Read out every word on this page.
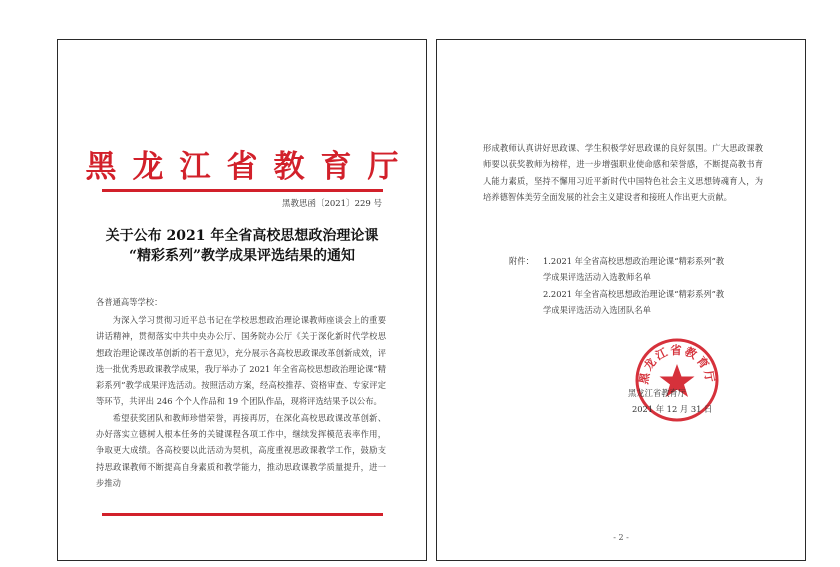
黑龙江省教育厅
黑教思函〔2021〕229 号
关于公布 2021 年全省高校思想政治理论课
“精彩系列”教学成果评选结果的通知
各普通高等学校：

为深入学习贯彻习近平总书记在学校思想政治理论课教师座谈会上的重要讲话精神，贯彻落实中共中央办公厅、国务院办公厅《关于深化新时代学校思想政治理论课改革创新的若干意见》，充分展示各高校思政课改革创新成效，评选一批优秀思政课教学成果，我厅举办了 2021 年全省高校思想政治理论课“精彩系列”教学成果评选活动。按照活动方案，经高校推荐、资格审查、专家评定等环节，共评出 246 个个人作品和 19 个团队作品，现将评选结果予以公布。

希望获奖团队和教师珍惜荣誉，再接再厉，在深化高校思政课改革创新、办好落实立德树人根本任务的关键课程各项工作中，继续发挥模范表率作用，争取更大成绩。各高校要以此活动为契机，高度重视思政课教学工作，鼓励支持思政课教师不断提高自身素质和教学能力，推动思政课教学质量提升，进一步推动

形成教师认真讲好思政课、学生积极学好思政课的良好氛围。广大思政课教师要以获奖教师为榜样，进一步增强职业使命感和荣誉感，不断提高教书育人能力素质，坚持不懈用习近平新时代中国特色社会主义思想铸魂育人，为培养德智体美劳全面发展的社会主义建设者和接班人作出更大贡献。

附件：	1.2021 年全省高校思想政治理论课“精彩系列”教
学成果评选活动入选教师名单
2.2021 年全省高校思想政治理论课“精彩系列”教
学成果评选活动入选团队名单
黑龙江省教育厅
黑龙江省教育厅
2021 年 12 月 31 日
- 2 -
